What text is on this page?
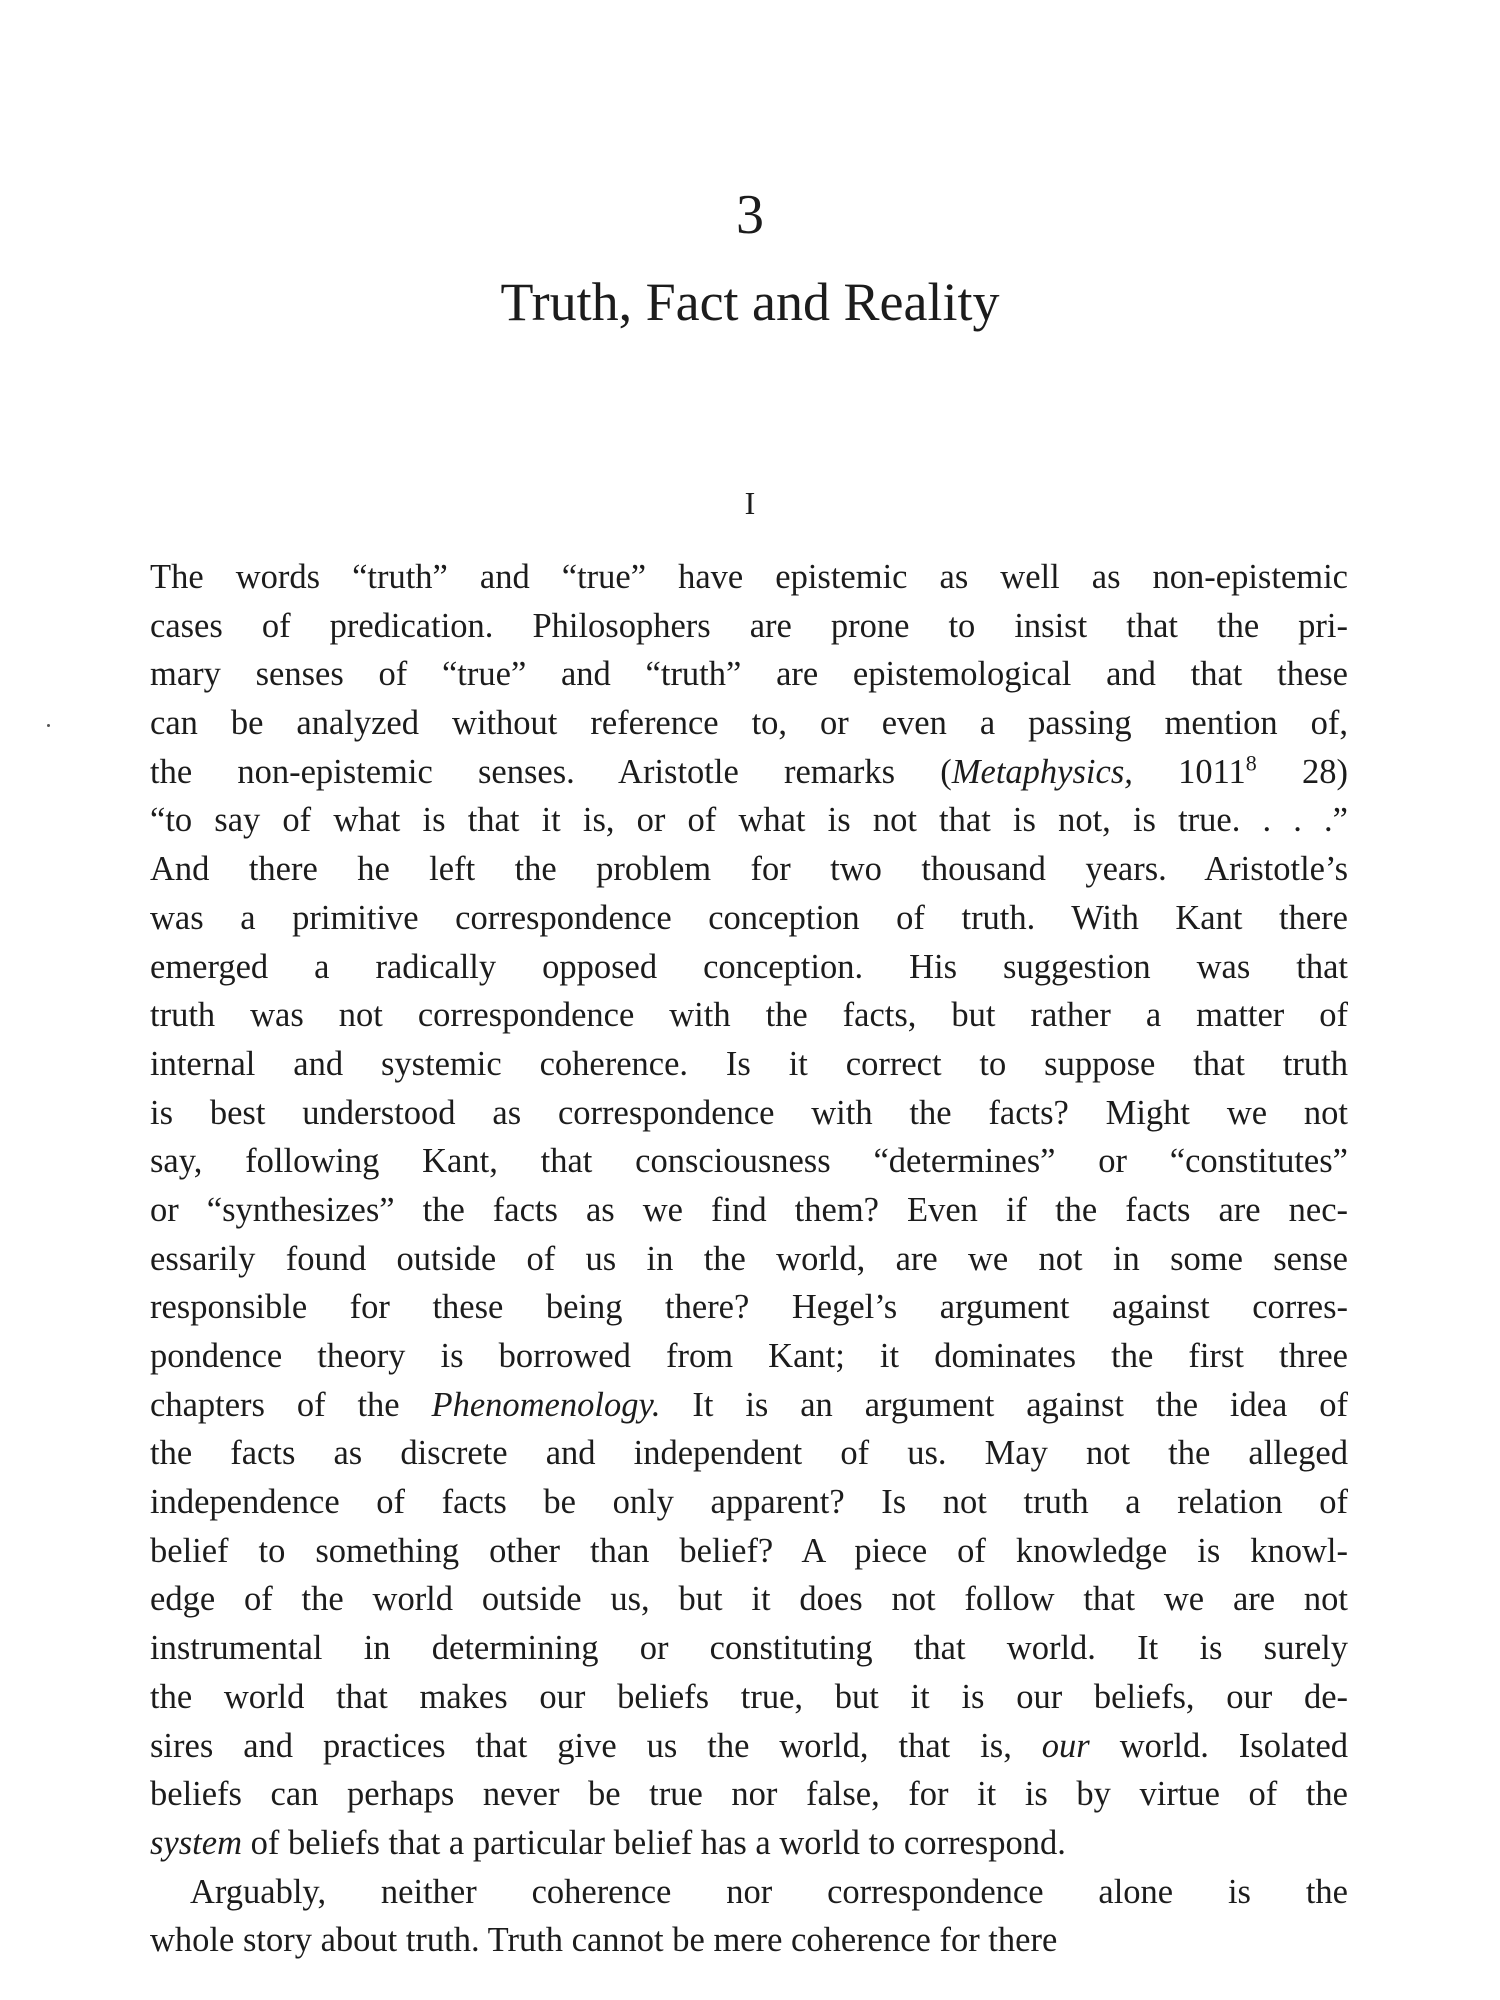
3
Truth, Fact and Reality
I
The words “truth” and “true” have epistemic as well as non-epistemic
cases of predication. Philosophers are prone to insist that the pri-
mary senses of “true” and “truth” are epistemological and that these
can be analyzed without reference to, or even a passing mention of,
the non-epistemic senses. Aristotle remarks (Metaphysics, 1011$^8$ 28)
“to say of what is that it is, or of what is not that is not, is true. . . .”
And there he left the problem for two thousand years. Aristotle’s
was a primitive correspondence conception of truth. With Kant there
emerged a radically opposed conception. His suggestion was that
truth was not correspondence with the facts, but rather a matter of
internal and systemic coherence. Is it correct to suppose that truth
is best understood as correspondence with the facts? Might we not
say, following Kant, that consciousness “determines” or “constitutes”
or “synthesizes” the facts as we find them? Even if the facts are nec-
essarily found outside of us in the world, are we not in some sense
responsible for these being there? Hegel’s argument against corres-
pondence theory is borrowed from Kant; it dominates the first three
chapters of the Phenomenology. It is an argument against the idea of
the facts as discrete and independent of us. May not the alleged
independence of facts be only apparent? Is not truth a relation of
belief to something other than belief? A piece of knowledge is knowl-
edge of the world outside us, but it does not follow that we are not
instrumental in determining or constituting that world. It is surely
the world that makes our beliefs true, but it is our beliefs, our de-
sires and practices that give us the world, that is, our world. Isolated
beliefs can perhaps never be true nor false, for it is by virtue of the
system of beliefs that a particular belief has a world to correspond.
Arguably, neither coherence nor correspondence alone is the
whole story about truth. Truth cannot be mere coherence for there
